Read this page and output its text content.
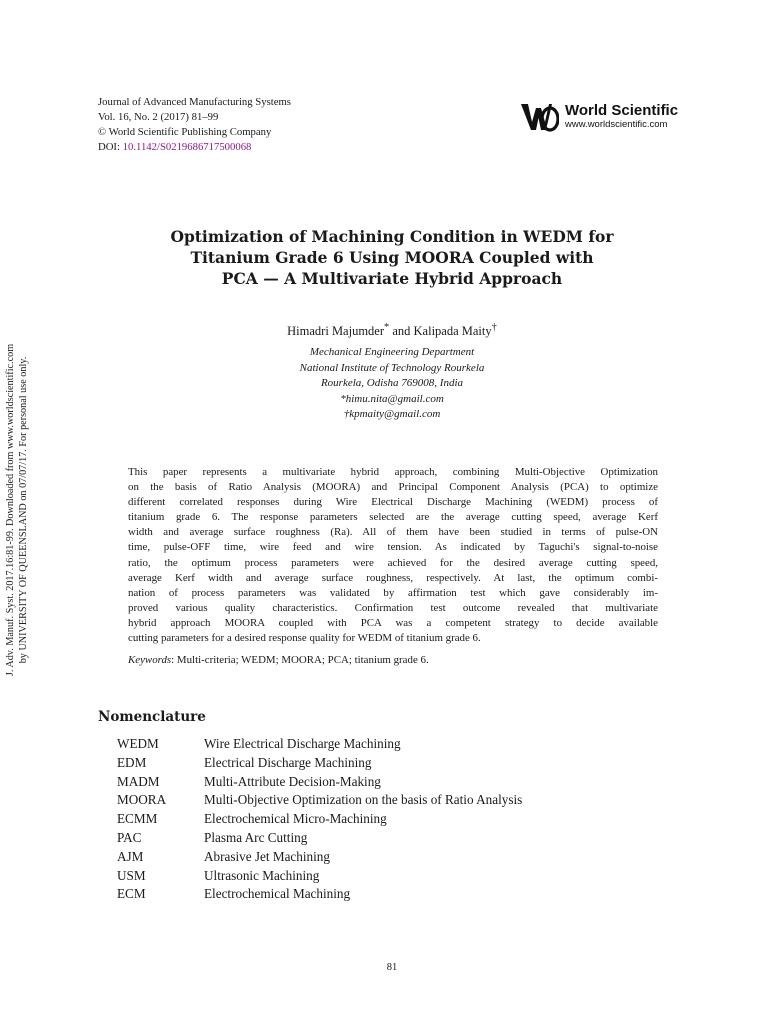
J. Adv. Manuf. Syst. 2017.16:81-99. Downloaded from www.worldscientific.com by UNIVERSITY OF QUEENSLAND on 07/07/17. For personal use only.
Journal of Advanced Manufacturing Systems
Vol. 16, No. 2 (2017) 81–99
© World Scientific Publishing Company
DOI: 10.1142/S0219686717500068
World Scientific
www.worldscientific.com
Optimization of Machining Condition in WEDM for
Titanium Grade 6 Using MOORA Coupled with
PCA — A Multivariate Hybrid Approach
Himadri Majumder* and Kalipada Maity†
Mechanical Engineering Department
National Institute of Technology Rourkela
Rourkela, Odisha 769008, India
*himu.nita@gmail.com
†kpmaity@gmail.com
This paper represents a multivariate hybrid approach, combining Multi-Objective Optimization
on the basis of Ratio Analysis (MOORA) and Principal Component Analysis (PCA) to optimize
different correlated responses during Wire Electrical Discharge Machining (WEDM) process of
titanium grade 6. The response parameters selected are the average cutting speed, average Kerf
width and average surface roughness (Ra). All of them have been studied in terms of pulse-ON
time, pulse-OFF time, wire feed and wire tension. As indicated by Taguchi's signal-to-noise
ratio, the optimum process parameters were achieved for the desired average cutting speed,
average Kerf width and average surface roughness, respectively. At last, the optimum combi-
nation of process parameters was validated by affirmation test which gave considerably im-
proved various quality characteristics. Confirmation test outcome revealed that multivariate
hybrid approach MOORA coupled with PCA was a competent strategy to decide available
cutting parameters for a desired response quality for WEDM of titanium grade 6.
Keywords: Multi-criteria; WEDM; MOORA; PCA; titanium grade 6.
Nomenclature
WEDM	Wire Electrical Discharge Machining
EDM	Electrical Discharge Machining
MADM	Multi-Attribute Decision-Making
MOORA	Multi-Objective Optimization on the basis of Ratio Analysis
ECMM	Electrochemical Micro-Machining
PAC	Plasma Arc Cutting
AJM	Abrasive Jet Machining
USM	Ultrasonic Machining
ECM	Electrochemical Machining
81
